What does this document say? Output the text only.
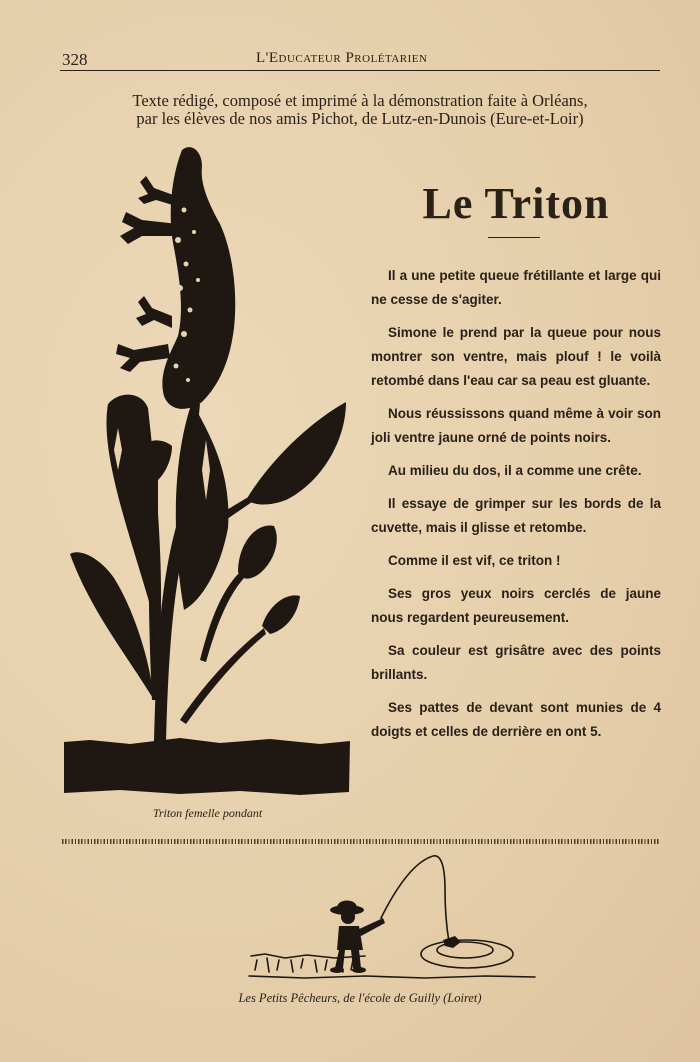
328	L'Educateur Prolétarien
Texte rédigé, composé et imprimé à la démonstration faite à Orléans,
par les élèves de nos amis Pichot, de Lutz-en-Dunois (Eure-et-Loir)
Triton femelle pondant
Le Triton

Il a une petite queue frétillante et large qui ne cesse de s'agiter.

Simone le prend par la queue pour nous montrer son ventre, mais plouf ! le voilà retombé dans l'eau car sa peau est gluante.

Nous réussissons quand même à voir son joli ventre jaune orné de points noirs.

Au milieu du dos, il a comme une crête.

Il essaye de grimper sur les bords de la cuvette, mais il glisse et retombe.

Comme il est vif, ce triton !

Ses gros yeux noirs cerclés de jaune nous regardent peureusement.

Sa couleur est grisâtre avec des points brillants.

Ses pattes de devant sont munies de 4 doigts et celles de derrière en ont 5.

Les Petits Pêcheurs, de l'école de Guilly (Loiret)
